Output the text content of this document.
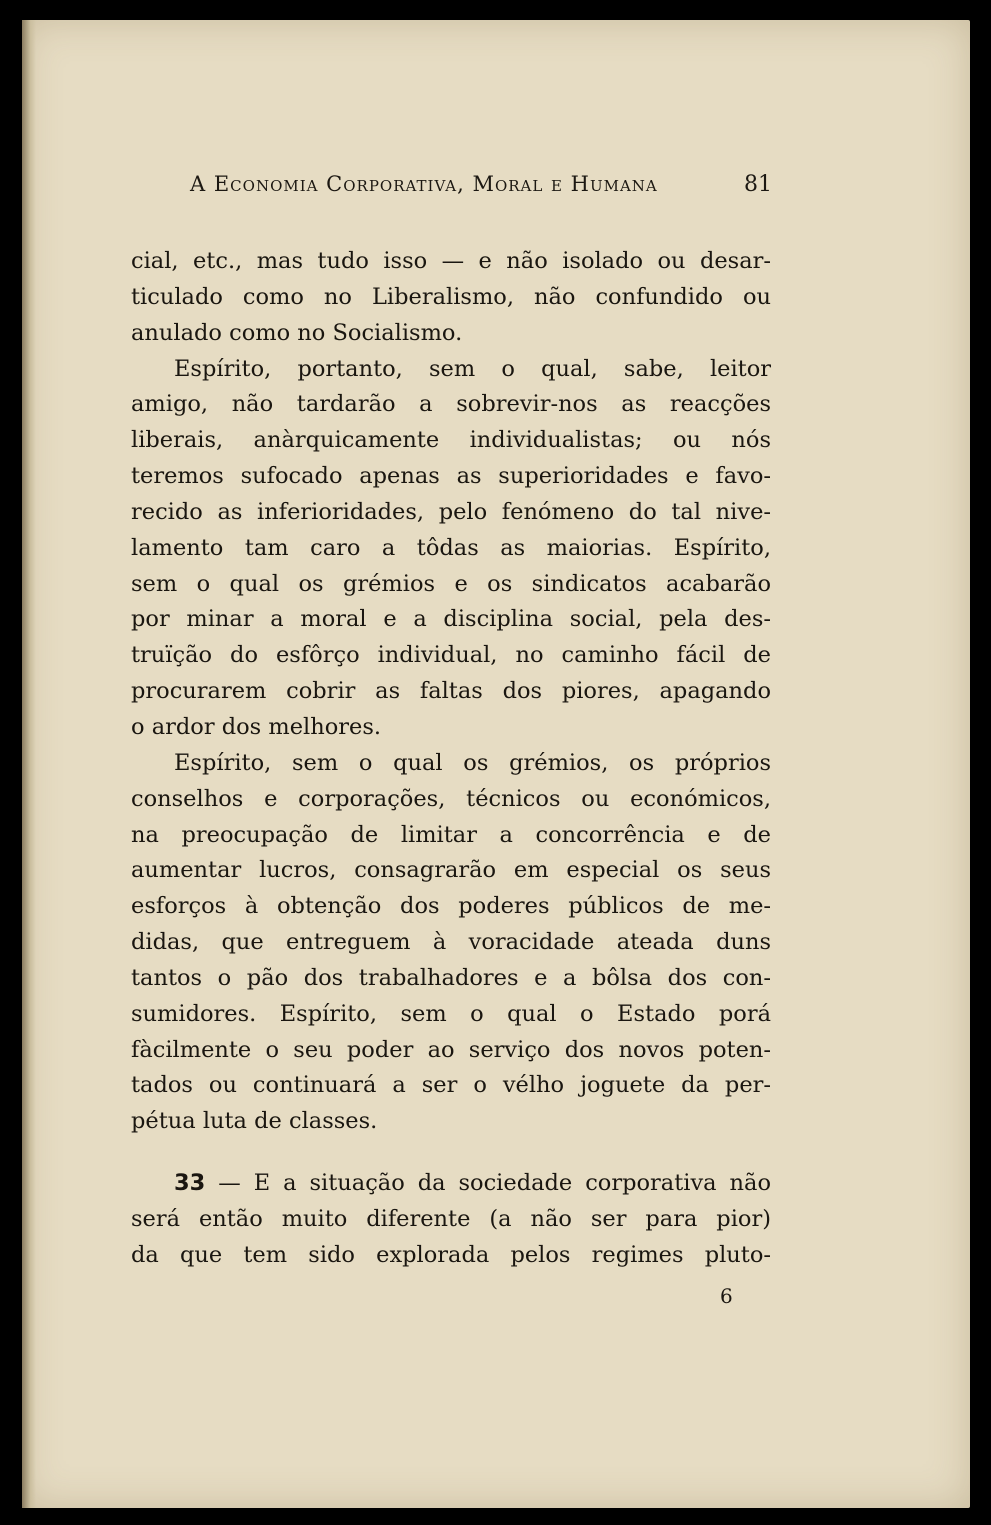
A Economia Corporativa, Moral e Humana	81
cial, etc., mas tudo isso — e não isolado ou desar-
ticulado como no Liberalismo, não confundido ou
anulado como no Socialismo.
Espírito, portanto, sem o qual, sabe, leitor
amigo, não tardarão a sobrevir-nos as reacções
liberais, anàrquicamente individualistas; ou nós
teremos sufocado apenas as superioridades e favo-
recido as inferioridades, pelo fenómeno do tal nive-
lamento tam caro a tôdas as maiorias. Espírito,
sem o qual os grémios e os sindicatos acabarão
por minar a moral e a disciplina social, pela des-
truïção do esfôrço individual, no caminho fácil de
procurarem cobrir as faltas dos piores, apagando
o ardor dos melhores.
Espírito, sem o qual os grémios, os próprios
conselhos e corporações, técnicos ou económicos,
na preocupação de limitar a concorrência e de
aumentar lucros, consagrarão em especial os seus
esforços à obtenção dos poderes públicos de me-
didas, que entreguem à voracidade ateada duns
tantos o pão dos trabalhadores e a bôlsa dos con-
sumidores. Espírito, sem o qual o Estado porá
fàcilmente o seu poder ao serviço dos novos poten-
tados ou continuará a ser o vélho joguete da per-
pétua luta de classes.
33 — E a situação da sociedade corporativa não
será então muito diferente (a não ser para pior)
da que tem sido explorada pelos regimes pluto-
6
